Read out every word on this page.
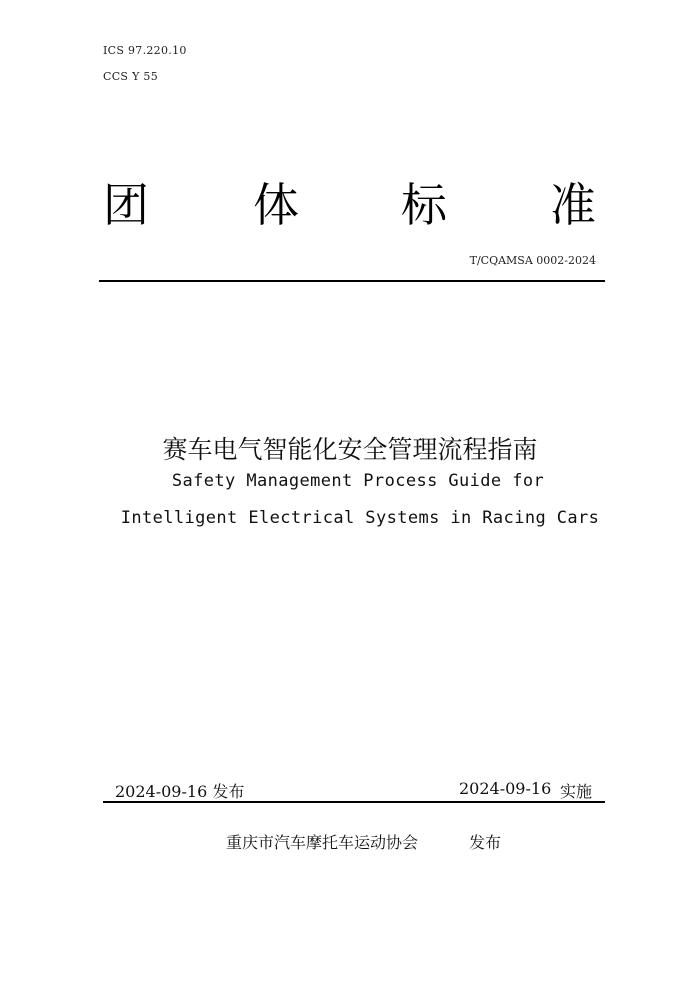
ICS 97.220.10
CCS Y 55
团 体 标 准
T/CQAMSA 0002-2024
赛车电气智能化安全管理流程指南
Safety Management Process Guide for
Intelligent Electrical Systems in Racing Cars
2024-09-16 发布	2024-09-16 实施
重庆市汽车摩托车运动协会	发布
